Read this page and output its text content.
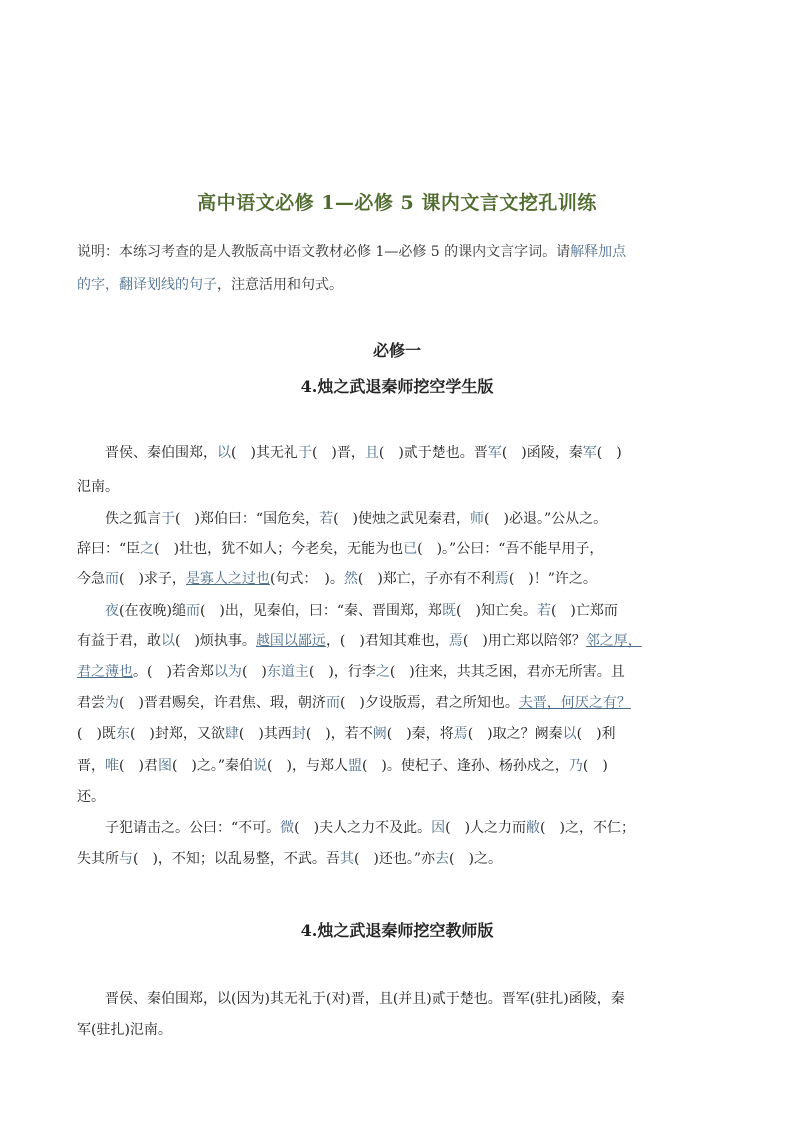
高中语文必修 1—必修 5 课内文言文挖孔训练
说明：本练习考查的是人教版高中语文教材必修 1—必修 5 的课内文言字词。请解释加点
的字，翻译划线的句子，注意活用和句式。
必修一
4.烛之武退秦师挖空学生版
晋侯、秦伯围郑，以(　)其无礼于(　)晋，且(　)贰于楚也。晋军(　)函陵，秦军(　)
氾南。
佚之狐言于(　)郑伯曰：“国危矣，若(　)使烛之武见秦君，师(　)必退。”公从之。
辞曰：“臣之(　)壮也，犹不如人；今老矣，无能为也已(　)。”公曰：“吾不能早用子，
今急而(　)求子，是寡人之过也(句式：　)。然(　)郑亡，子亦有不利焉(　)！”许之。
夜(在夜晚)缒而(　)出，见秦伯，曰：“秦、晋围郑，郑既(　)知亡矣。若(　)亡郑而
有益于君，敢以(　)烦执事。越国以鄙远，(　)君知其难也，焉(　)用亡郑以陪邻？邻之厚，
君之薄也。(　)若舍郑以为(　)东道主(　)，行李之(　)往来，共其乏困，君亦无所害。且
君尝为(　)晋君赐矣，许君焦、瑕，朝济而(　)夕设版焉，君之所知也。夫晋，何厌之有？
(　)既东(　)封郑，又欲肆(　)其西封(　)，若不阙(　)秦，将焉(　)取之？阙秦以(　)利
晋，唯(　)君图(　)之。”秦伯说(　)，与郑人盟(　)。使杞子、逢孙、杨孙戍之，乃(　)
还。
子犯请击之。公曰：“不可。微(　)夫人之力不及此。因(　)人之力而敝(　)之，不仁；
失其所与(　)，不知；以乱易整，不武。吾其(　)还也。”亦去(　)之。
4.烛之武退秦师挖空教师版
晋侯、秦伯围郑，以(因为)其无礼于(对)晋，且(并且)贰于楚也。晋军(驻扎)函陵，秦
军(驻扎)氾南。
